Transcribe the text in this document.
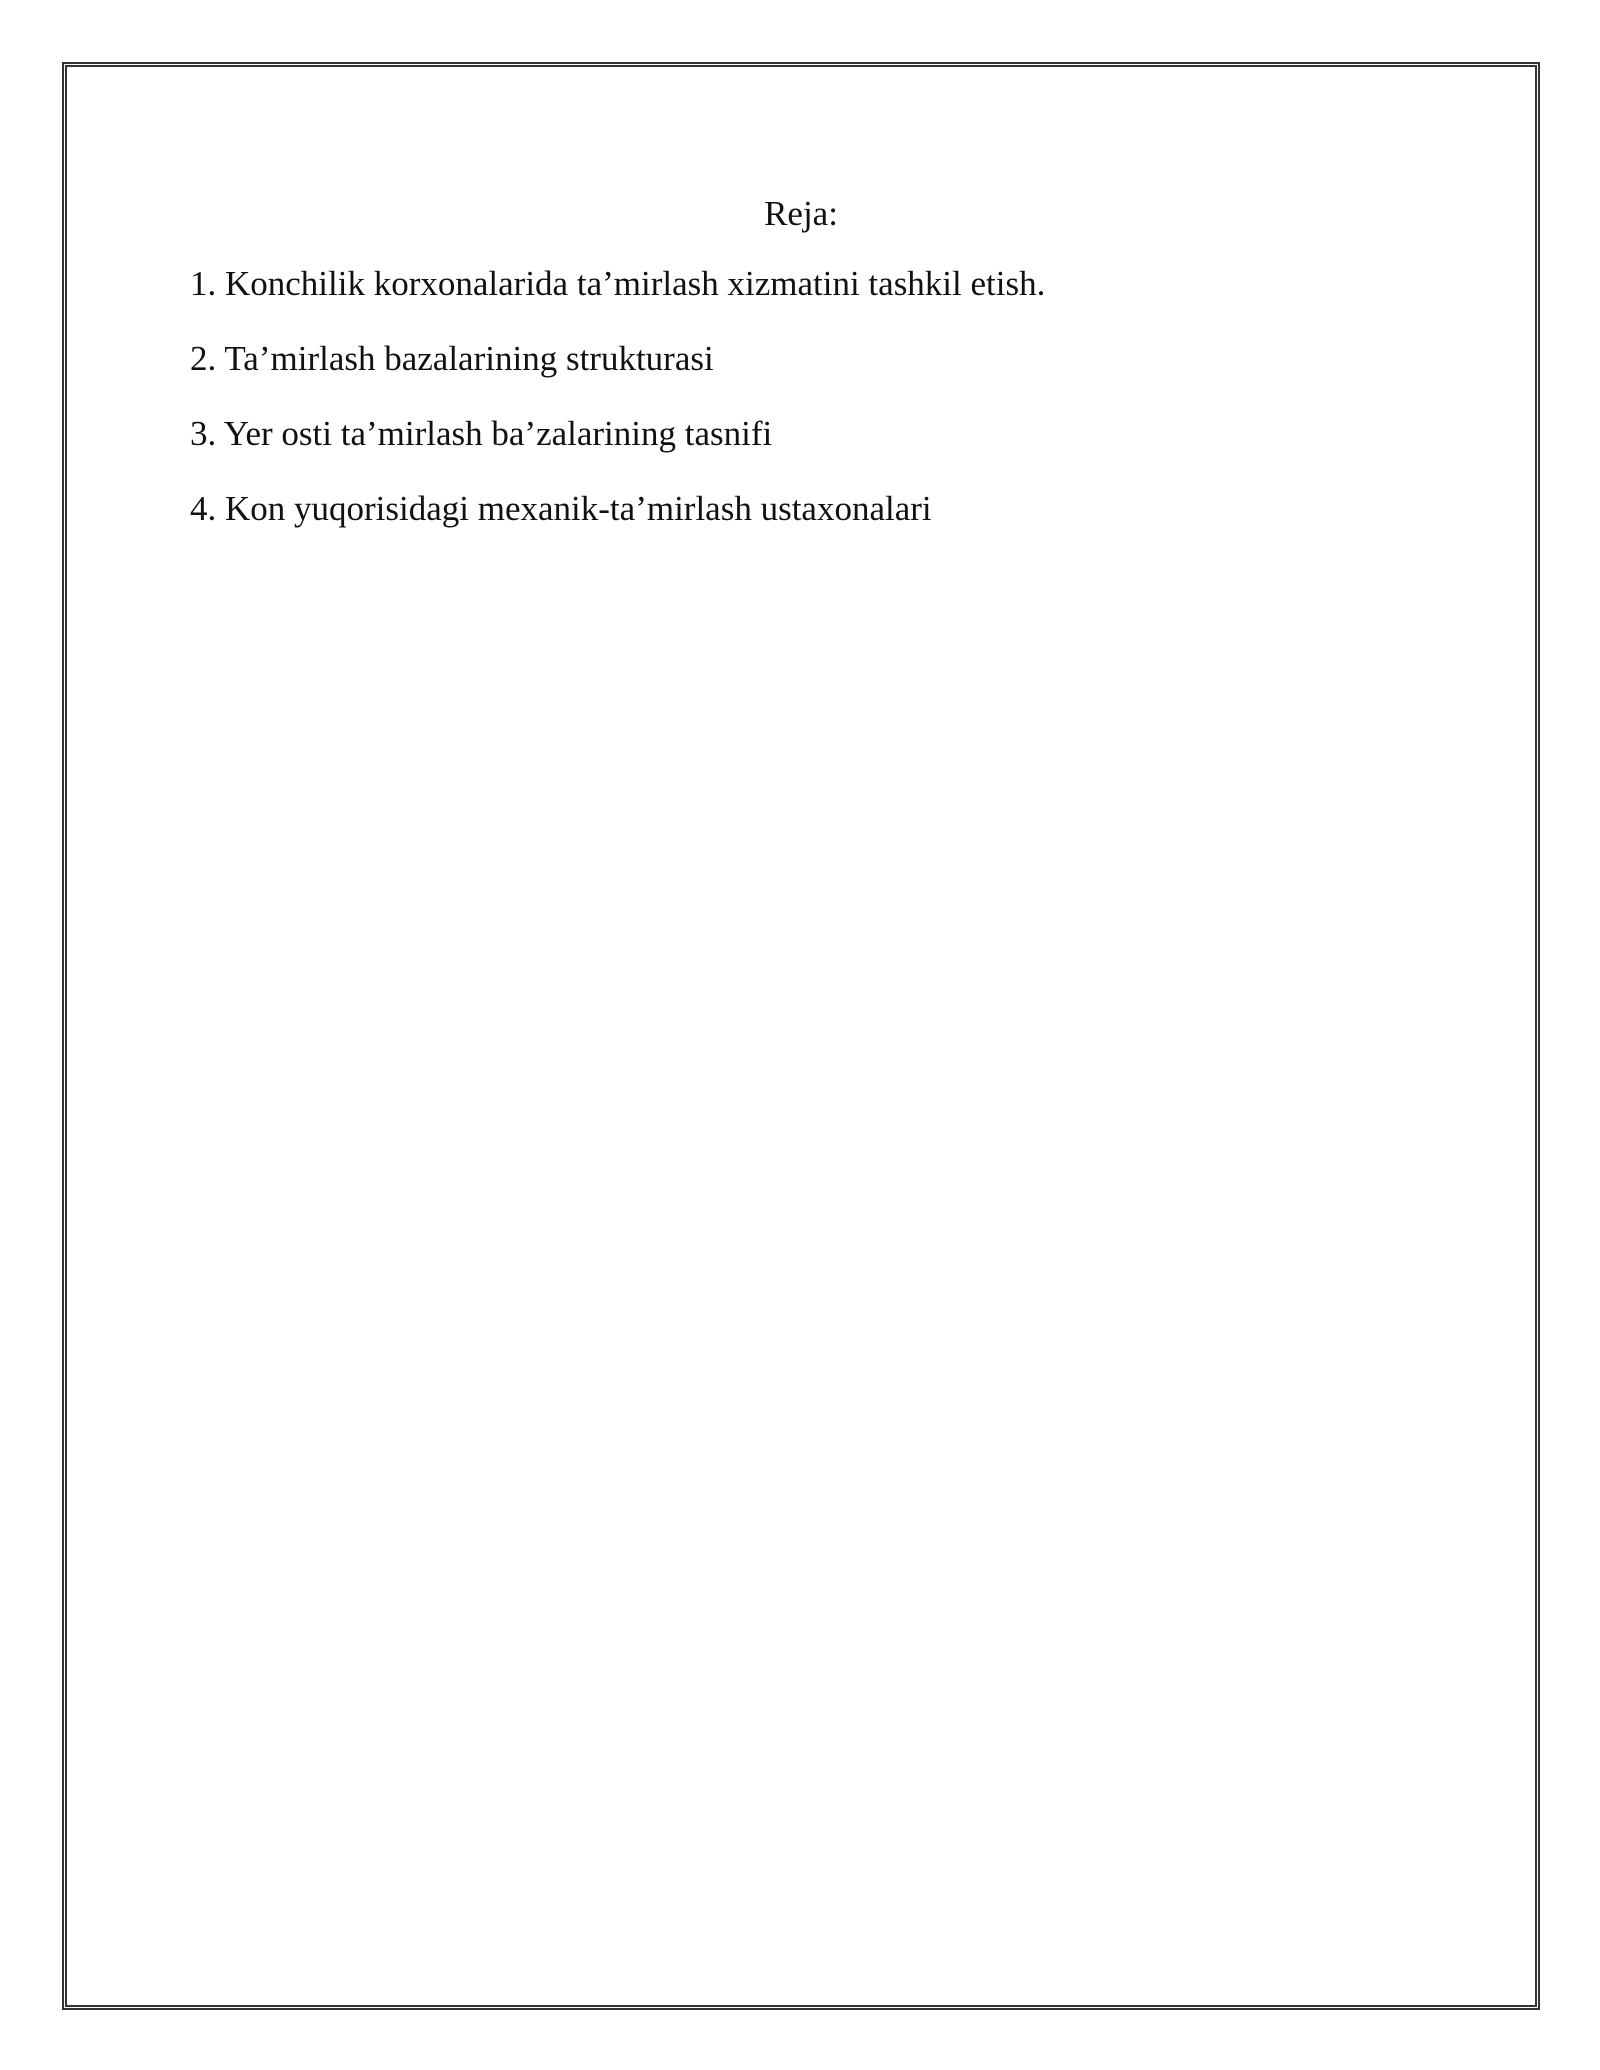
Reja:
1. Konchilik korxonalarida ta’mirlash xizmatini tashkil etish.
2. Ta’mirlash bazalarining strukturasi
3. Yer osti ta’mirlash ba’zalarining tasnifi
4. Kon yuqorisidagi mexanik-ta’mirlash ustaxonalari
